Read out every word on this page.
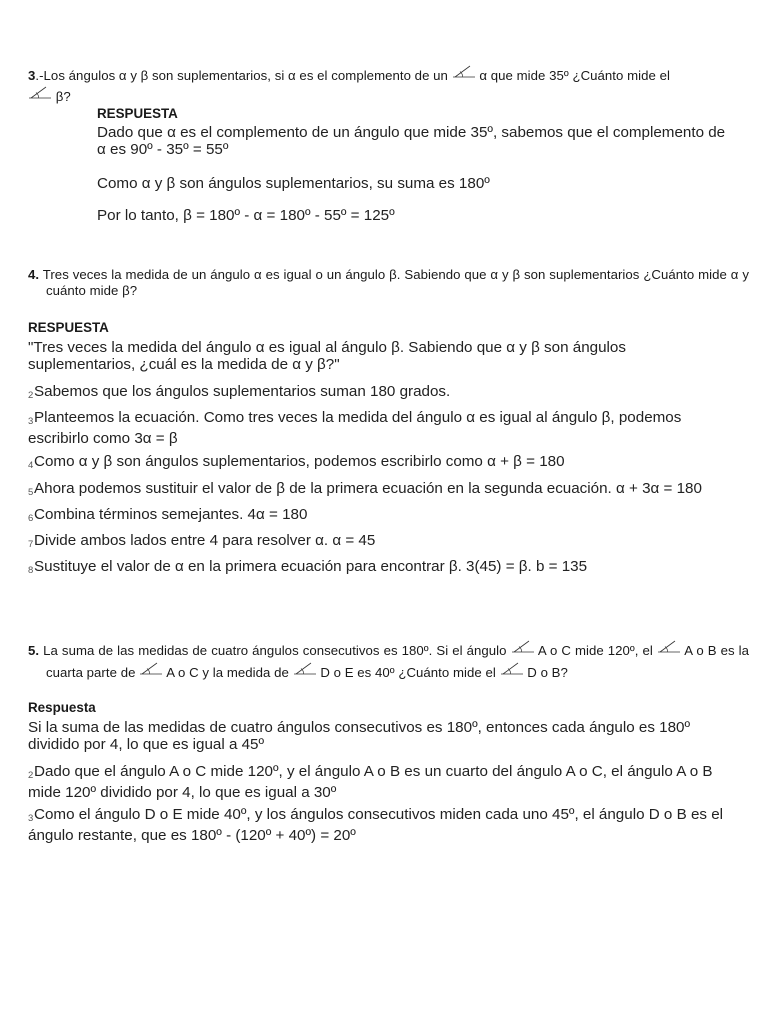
3.-Los ángulos α y β son suplementarios, si α es el complemento de un α que mide 35º ¿Cuánto mide el

β?
RESPUESTA
Dado que α es el complemento de un ángulo que mide 35º, sabemos que el complemento de α es 90º - 35º = 55º
Como α y β son ángulos suplementarios, su suma es 180º
Por lo tanto, β = 180º - α = 180º - 55º = 125º
4. Tres veces la medida de un ángulo α es igual o un ángulo β. Sabiendo que α y β son suplementarios ¿Cuánto mide α y cuánto mide β?
RESPUESTA
"Tres veces la medida del ángulo α es igual al ángulo β. Sabiendo que α y β son ángulos suplementarios, ¿cuál es la medida de α y β?"
2Sabemos que los ángulos suplementarios suman 180 grados.
3Planteemos la ecuación. Como tres veces la medida del ángulo α es igual al ángulo β, podemos escribirlo como 3α = β
4Como α y β son ángulos suplementarios, podemos escribirlo como α + β = 180
5Ahora podemos sustituir el valor de β de la primera ecuación en la segunda ecuación. α + 3α = 180
6Combina términos semejantes. 4α = 180
7Divide ambos lados entre 4 para resolver α. α = 45
8Sustituye el valor de α en la primera ecuación para encontrar β. 3(45) = β. b = 135
5. La suma de las medidas de cuatro ángulos consecutivos es 180º. Si el ángulo A o C mide 120º, el A o B es la cuarta parte de A o C y la medida de D o E es 40º ¿Cuánto mide el D o B?
Respuesta
Si la suma de las medidas de cuatro ángulos consecutivos es 180º, entonces cada ángulo es 180º dividido por 4, lo que es igual a 45º
2Dado que el ángulo A o C mide 120º, y el ángulo A o B es un cuarto del ángulo A o C, el ángulo A o B mide 120º dividido por 4, lo que es igual a 30º
3Como el ángulo D o E mide 40º, y los ángulos consecutivos miden cada uno 45º, el ángulo D o B es el ángulo restante, que es 180º - (120º + 40º) = 20º
